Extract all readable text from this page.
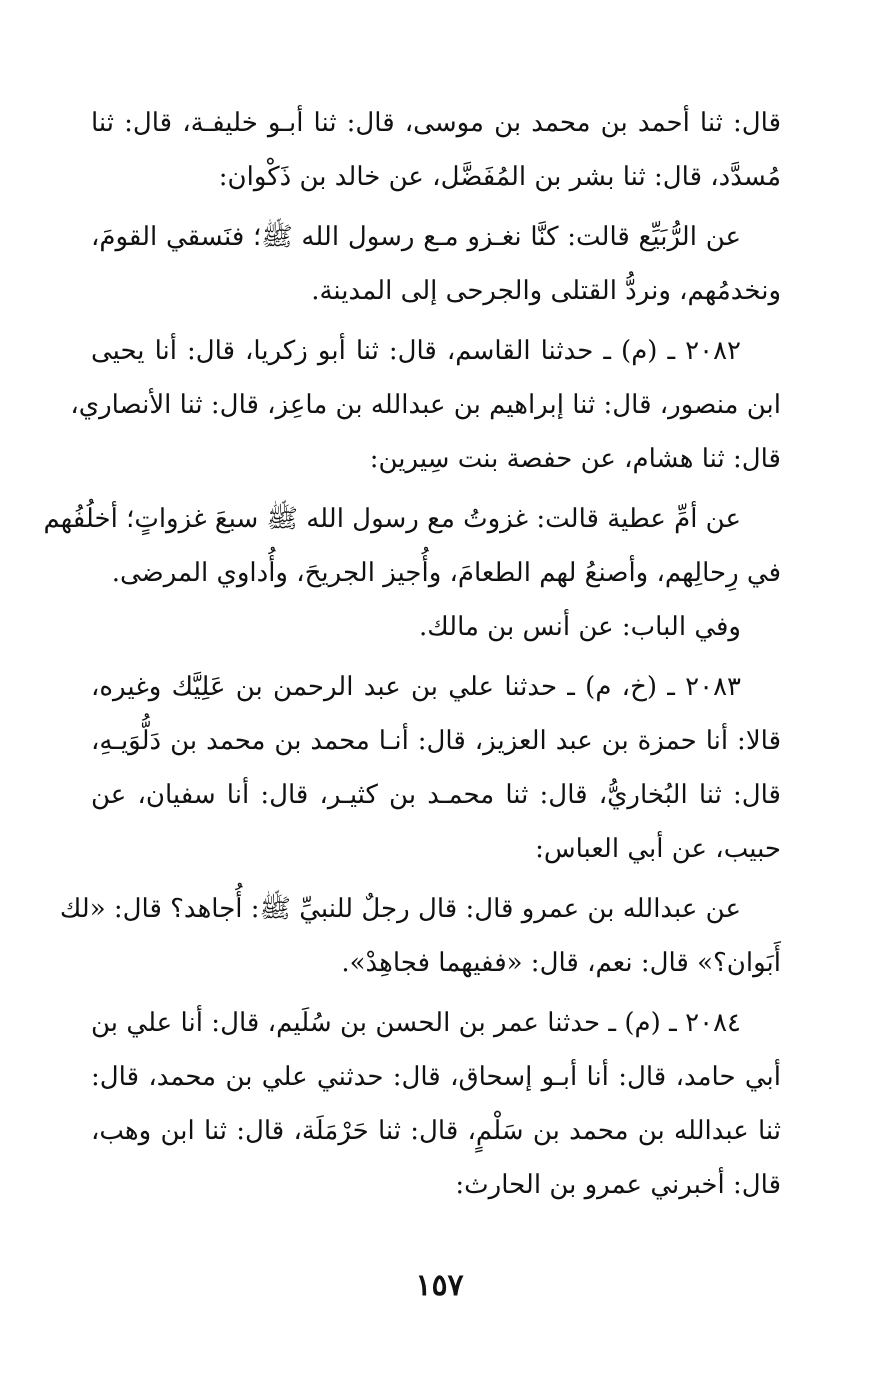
قال: ثنا أحمد بن محمد بن موسى، قال: ثنا أبـو خليفـة، قال: ثنا
مُسدَّد، قال: ثنا بشر بن المُفَضَّل، عن خالد بن ذَكْوان:

عن الرُّبَيِّع قالت: كنَّا نغـزو مـع رسول الله ﷺ؛ فنَسقي القومَ،
ونخدمُهم، ونردُّ القتلى والجرحى إلى المدينة.

٢٠٨٢ ـ (م) ـ حدثنا القاسم، قال: ثنا أبو زكريا، قال: أنا يحيى
ابن منصور، قال: ثنا إبراهيم بن عبدالله بن ماعِز، قال: ثنا الأنصاري،
قال: ثنا هشام، عن حفصة بنت سِيرين:

عن أمِّ عطية قالت: غزوتُ مع رسول الله ﷺ سبعَ غزواتٍ؛ أخلُفُهم
في رِحالِهم، وأصنعُ لهم الطعامَ، وأُجيز الجريحَ، وأُداوي المرضى.

وفي الباب: عن أنس بن مالك.

٢٠٨٣ ـ (خ، م) ـ حدثنا علي بن عبد الرحمن بن عَلِيَّك وغيره،
قالا: أنا حمزة بن عبد العزيز، قال: أنـا محمد بن محمد بن دَلُّوَيـهِ،
قال: ثنا البُخاريُّ، قال: ثنا محمـد بن كثيـر، قال: أنا سفيان، عن
حبيب، عن أبي العباس:

عن عبدالله بن عمرو قال: قال رجلٌ للنبيِّ ﷺ: أُجاهد؟ قال: «لك
أَبَوان؟» قال: نعم، قال: «ففيهما فجاهِدْ».

٢٠٨٤ ـ (م) ـ حدثنا عمر بن الحسن بن سُلَيم، قال: أنا علي بن
أبي حامد، قال: أنا أبـو إسحاق، قال: حدثني علي بن محمد، قال:
ثنا عبدالله بن محمد بن سَلْمٍ، قال: ثنا حَرْمَلَة، قال: ثنا ابن وهب،
قال: أخبرني عمرو بن الحارث:

١٥٧
